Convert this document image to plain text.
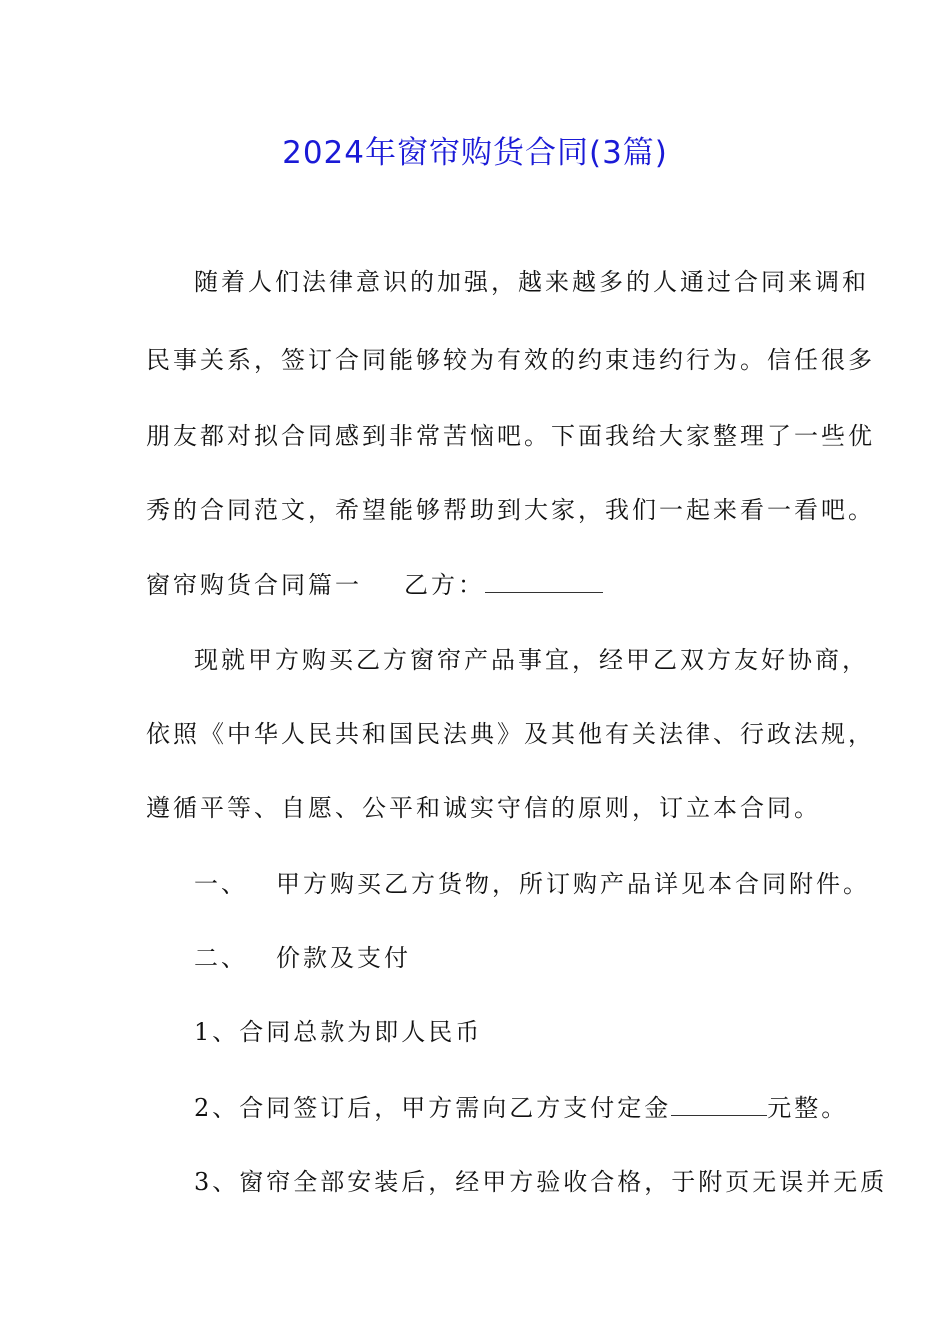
2024年窗帘购货合同(3篇)
随着人们法律意识的加强，越来越多的人通过合同来调和
民事关系，签订合同能够较为有效的约束违约行为。信任很多
朋友都对拟合同感到非常苦恼吧。下面我给大家整理了一些优
秀的合同范文，希望能够帮助到大家，我们一起来看一看吧。
窗帘购货合同篇一 乙方：
现就甲方购买乙方窗帘产品事宜，经甲乙双方友好协商，
依照《中华人民共和国民法典》及其他有关法律、行政法规，
遵循平等、自愿、公平和诚实守信的原则，订立本合同。
一、 甲方购买乙方货物，所订购产品详见本合同附件。
二、 价款及支付
1、合同总款为即人民币
2、合同签订后，甲方需向乙方支付定金	元整。
3、窗帘全部安装后，经甲方验收合格，于附页无误并无质
